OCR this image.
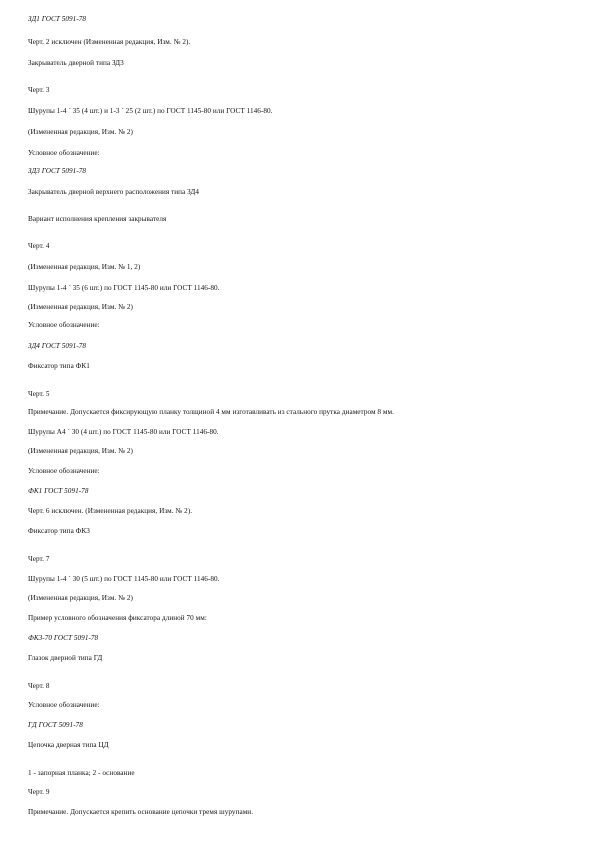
ЗД1 ГОСТ 5091-78
Черт. 2 исключен (Измененная редакция, Изм. № 2).
Закрыватель дверной типа ЗД3
Черт. 3
Шурупы 1-4 ´ 35 (4 шт.) и 1-3 ´ 25 (2 шт.) по ГОСТ 1145-80 или ГОСТ 1146-80.
(Измененная редакция, Изм. № 2)
Условное обозначение:
ЗД3 ГОСТ 5091-78
Закрыватель дверной верхнего расположения типа ЗД4
Вариант исполнения крепления закрывателя
Черт. 4
(Измененная редакция, Изм. № 1, 2)
Шурупы 1-4 ´ 35 (6 шт.) по ГОСТ 1145-80 или ГОСТ 1146-80.
(Измененная редакция, Изм. № 2)
Условное обозначение:
ЗД4 ГОСТ 5091-78
Фиксатор типа ФК1
Черт. 5
Примечание. Допускается фиксирующую планку толщиной 4 мм изготавливать из стального прутка диаметром 8 мм.
Шурупы А4 ´ 30 (4 шт.) по ГОСТ 1145-80 или ГОСТ 1146-80.
(Измененная редакция, Изм. № 2)
Условное обозначение:
ФК1 ГОСТ 5091-78
Черт. 6 исключен. (Измененная редакция, Изм. № 2).
Фиксатор типа ФК3
Черт. 7
Шурупы 1-4 ´ 30 (5 шт.) по ГОСТ 1145-80 или ГОСТ 1146-80.
(Измененная редакция, Изм. № 2)
Пример условного обозначения фиксатора длиной 70 мм:
ФК3-70 ГОСТ 5091-78
Глазок дверной типа ГД
Черт. 8
Условное обозначение:
ГД ГОСТ 5091-78
Цепочка дверная типа ЦД
1 - запорная планка; 2 - основание
Черт. 9
Примечание. Допускается крепить основание цепочки тремя шурупами.
